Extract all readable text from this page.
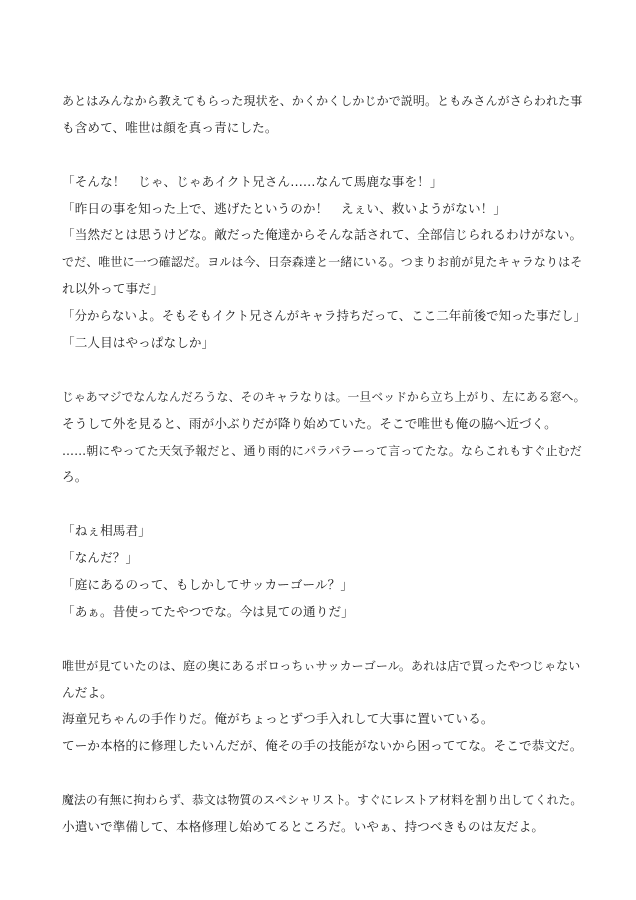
あとはみんなから教えてもらった現状を、かくかくしかじかで説明。ともみさんがさらわれた事
も含めて、唯世は顔を真っ青にした。
「そんな！　じゃ、じゃあイクト兄さん……なんて馬鹿な事を！」
「昨日の事を知った上で、逃げたというのか！　えぇい、救いようがない！」
「当然だとは思うけどな。敵だった俺達からそんな話されて、全部信じられるわけがない。
でだ、唯世に一つ確認だ。ヨルは今、日奈森達と一緒にいる。つまりお前が見たキャラなりはそ
れ以外って事だ」
「分からないよ。そもそもイクト兄さんがキャラ持ちだって、ここ二年前後で知った事だし」
「二人目はやっぱなしか」
じゃあマジでなんなんだろうな、そのキャラなりは。一旦ベッドから立ち上がり、左にある窓へ。
そうして外を見ると、雨が小ぶりだが降り始めていた。そこで唯世も俺の脇へ近づく。
……朝にやってた天気予報だと、通り雨的にパラパラーって言ってたな。ならこれもすぐ止むだ
ろ。
「ねぇ相馬君」
「なんだ？」
「庭にあるのって、もしかしてサッカーゴール？」
「あぁ。昔使ってたやつでな。今は見ての通りだ」
唯世が見ていたのは、庭の奥にあるボロっちぃサッカーゴール。あれは店で買ったやつじゃない
んだよ。
海童兄ちゃんの手作りだ。俺がちょっとずつ手入れして大事に置いている。
てーか本格的に修理したいんだが、俺その手の技能がないから困っててな。そこで恭文だ。
魔法の有無に拘わらず、恭文は物質のスペシャリスト。すぐにレストア材料を割り出してくれた。
小遣いで準備して、本格修理し始めてるところだ。いやぁ、持つべきものは友だよ。
